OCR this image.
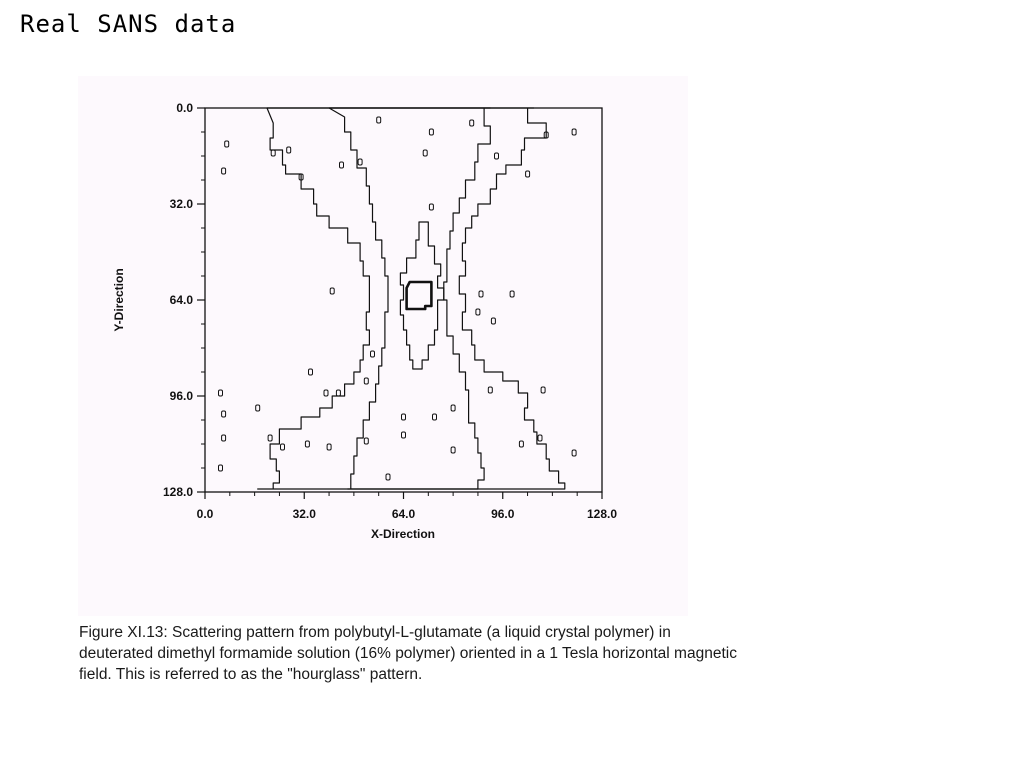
Real SANS data
0.0	32.0	64.0	96.0	128.0
0.0
32.0
64.0
96.0
128.0
X-Direction
Y-Direction
Figure XI.13: Scattering pattern from polybutyl-L-glutamate (a liquid crystal polymer) in
deuterated dimethyl formamide solution (16% polymer) oriented in a 1 Tesla horizontal magnetic
field. This is referred to as the "hourglass" pattern.
